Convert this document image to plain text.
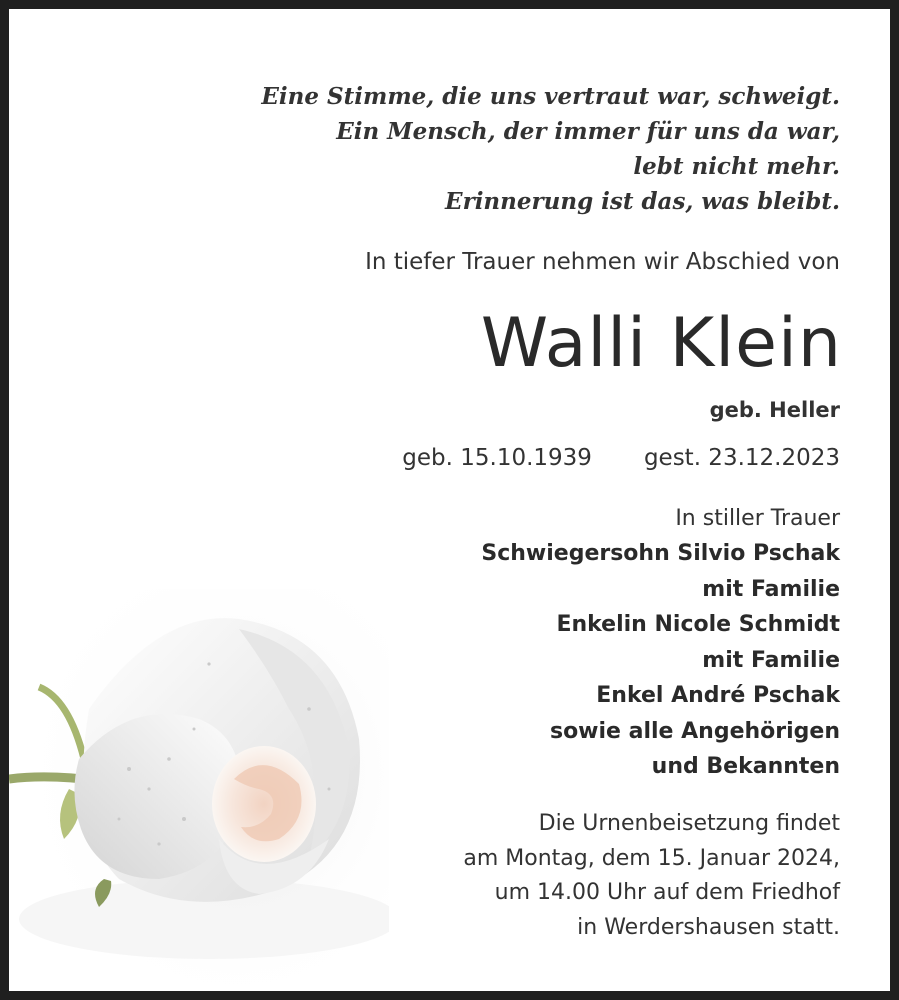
Eine Stimme, die uns vertraut war, schweigt.
Ein Mensch, der immer für uns da war,
lebt nicht mehr.
Erinnerung ist das, was bleibt.
In tiefer Trauer nehmen wir Abschied von
Walli Klein
geb. Heller
geb. 15.10.1939 gest. 23.12.2023
In stiller Trauer
Schwiegersohn Silvio Pschak
mit Familie
Enkelin Nicole Schmidt
mit Familie
Enkel André Pschak
sowie alle Angehörigen
und Bekannten
Die Urnenbeisetzung findet
am Montag, dem 15. Januar 2024,
um 14.00 Uhr auf dem Friedhof
in Werdershausen statt.
